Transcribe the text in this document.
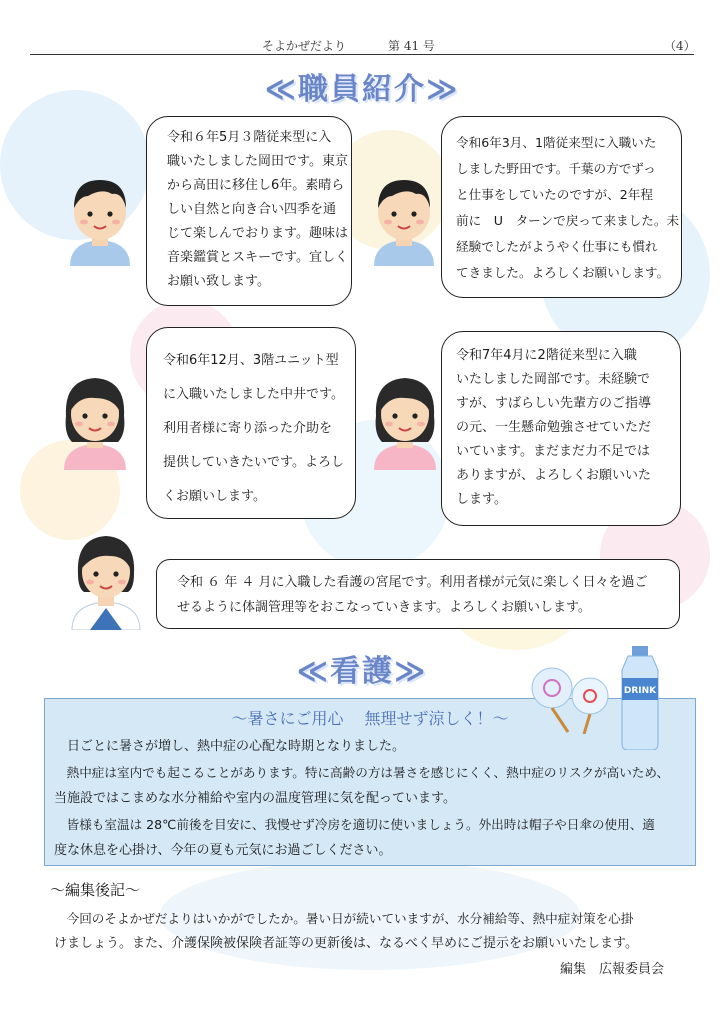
そよかぜだより	第 41 号	（4）
≪職員紹介≫

令和６年5月３階従来型に入

職いたしました岡田です。東京

から高田に移住し6年。素晴ら

しい自然と向き合い四季を通

じて楽しんでおります。趣味は

音楽鑑賞とスキーです。宜しく

お願い致します。

令和6年3月、1階従来型に入職いた

しました野田です。千葉の方でずっ

と仕事をしていたのですが、2年程

前に　U　ターンで戻って来ました。未

経験でしたがようやく仕事にも慣れ

てきました。よろしくお願いします。

令和6年12月、3階ユニット型

に入職いたしました中井です。

利用者様に寄り添った介助を

提供していきたいです。よろし

くお願いします。

令和7年4月に2階従来型に入職

いたしました岡部です。未経験で

すが、すばらしい先輩方のご指導

の元、一生懸命勉強させていただ

いています。まだまだ力不足では

ありますが、よろしくお願いいた

します。

令和 ６ 年 ４ 月に入職した看護の宮尾です。利用者様が元気に楽しく日々を過ご

せるように体調管理等をおこなっていきます。よろしくお願いします。

≪看護≫
～暑さにご用心　 無理せず涼しく！～
DRINK
　日ごとに暑さが増し、熱中症の心配な時期となりました。
　熱中症は室内でも起こることがあります。特に高齢の方は暑さを感じにくく、熱中症のリスクが高いため、
当施設ではこまめな水分補給や室内の温度管理に気を配っています。
　皆様も室温は 28℃前後を目安に、我慢せず冷房を適切に使いましょう。外出時は帽子や日傘の使用、適
度な休息を心掛け、今年の夏も元気にお過ごしください。
～編集後記～
　今回のそよかぜだよりはいかがでしたか。暑い日が続いていますが、水分補給等、熱中症対策を心掛
けましょう。また、介護保険被保険者証等の更新後は、なるべく早めにご提示をお願いいたします。
編集　広報委員会
